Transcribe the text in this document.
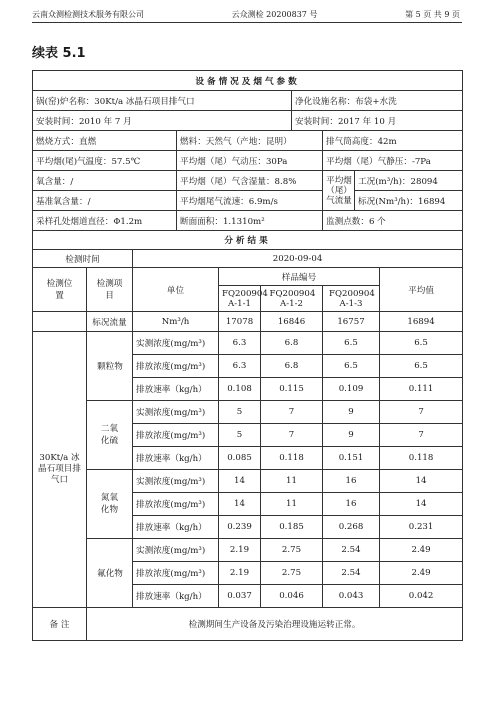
云南众测检测技术服务有限公司	云众测检 20200837 号	第 5 页 共 9 页
续表 5.1
设备情况及烟气参数									
锅(窑)炉名称：30Kt/a 冰晶石项目排气口						净化设施名称：布袋+水洗			
安装时间：2010 年 7 月						安装时间：2017 年 10 月			
燃烧方式：直燃			燃料：天然气（产地：昆明）				排气筒高度：42m		
平均烟(尾)气温度：57.5℃			平均烟（尾）气动压：30Pa				平均烟（尾）气静压：-7Pa		
氧含量：/			平均烟（尾）气含湿量：8.8%				平均烟（尾）气流量	工况(m³/h)：28094	
基准氧含量：/			平均烟尾气流速：6.9m/s					标况(Nm³/h)：16894	
采样孔处烟道直径：Φ1.2m			断面面积：1.1310m²				监测点数：6 个		
分析结果									
检测时间		2020-09-04							

检测位置	检测项目	单位		样品编号					平均值

				FQ200904 A-1-1	FQ200904 A-1-2		FQ200904 A-1-3		

	标况流量	Nm³/h		17078	16846		16757		16894

30Kt/a 冰晶石项目排气口	颗粒物	实测浓度(mg/m³)		6.3	6.8		6.5		6.5
		排放浓度(mg/m³)		6.3	6.8		6.5		6.5
		排放速率（kg/h）		0.108	0.115		0.109		0.111

	二氧化硫	实测浓度(mg/m³)		5	7		9		7
		排放浓度(mg/m³)		5	7		9		7
		排放速率（kg/h）		0.085	0.118		0.151		0.118

	氮氧化物	实测浓度(mg/m³)		14	11		16		14
		排放浓度(mg/m³)		14	11		16		14
		排放速率（kg/h）		0.239	0.185		0.268		0.231

	氟化物	实测浓度(mg/m³)		2.19	2.75		2.54		2.49
		排放浓度(mg/m³)		2.19	2.75		2.54		2.49
		排放速率（kg/h）		0.037	0.046		0.043		0.042
备 注	检测期间生产设备及污染治理设施运转正常。								
